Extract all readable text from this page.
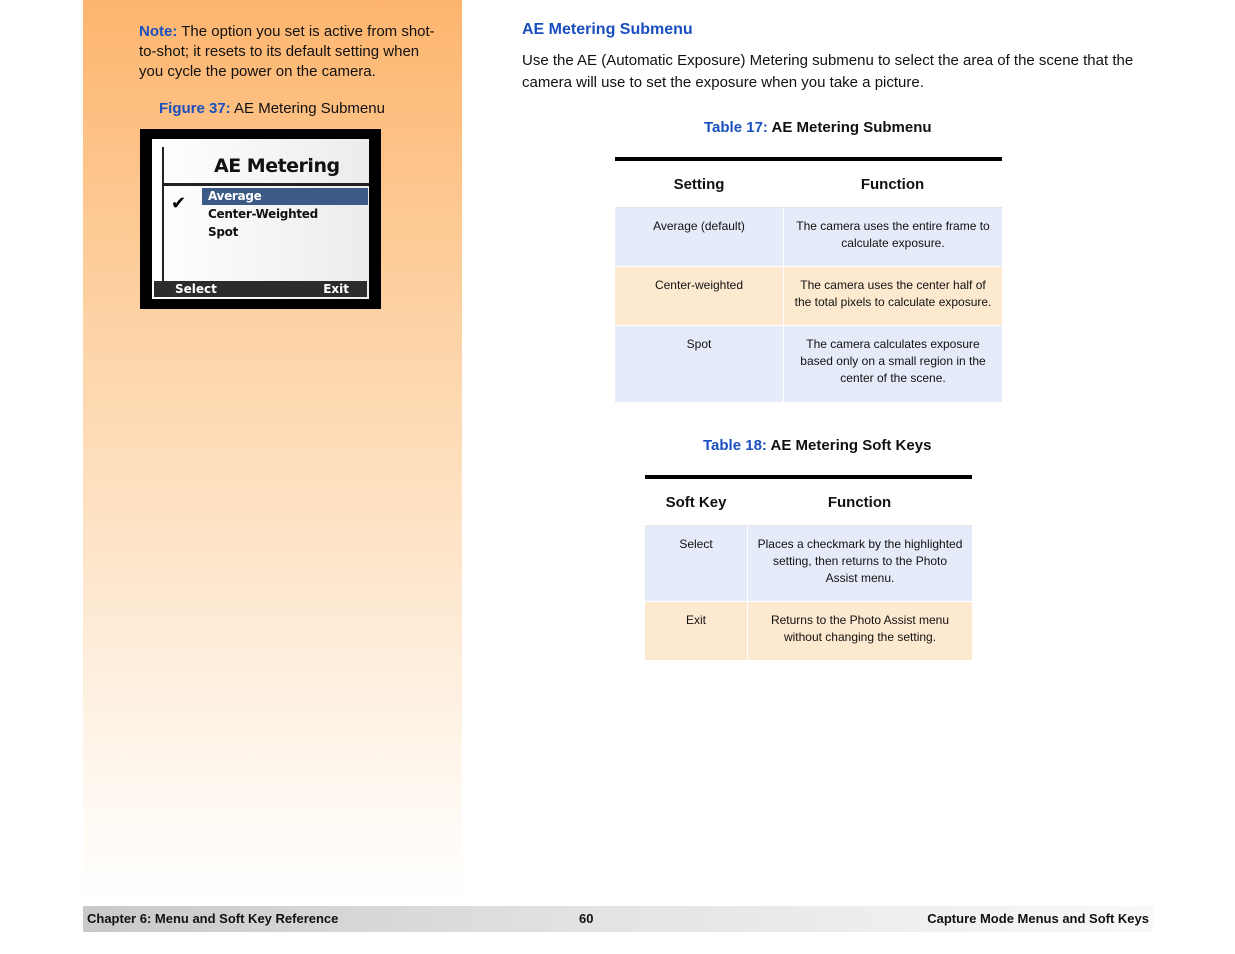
Note: The option you set is active from shot-to-shot; it resets to its default setting when you cycle the power on the camera.
Figure 37: AE Metering Submenu
AE Metering
✔	Average
Center-Weighted
Spot
Select	Exit
AE Metering Submenu
Use the AE (Automatic Exposure) Metering submenu to select the area of the scene that the camera will use to set the exposure when you take a picture.
Table 17: AE Metering Submenu
Setting	Function
Average (default)	The camera uses the entire frame to calculate exposure.
Center-weighted	The camera uses the center half of the total pixels to calculate exposure.
Spot	The camera calculates exposure based only on a small region in the center of the scene.
Table 18: AE Metering Soft Keys
Soft Key	Function
Select	Places a checkmark by the highlighted setting, then returns to the Photo Assist menu.
Exit	Returns to the Photo Assist menu without changing the setting.
Chapter 6: Menu and Soft Key Reference	60	Capture Mode Menus and Soft Keys
